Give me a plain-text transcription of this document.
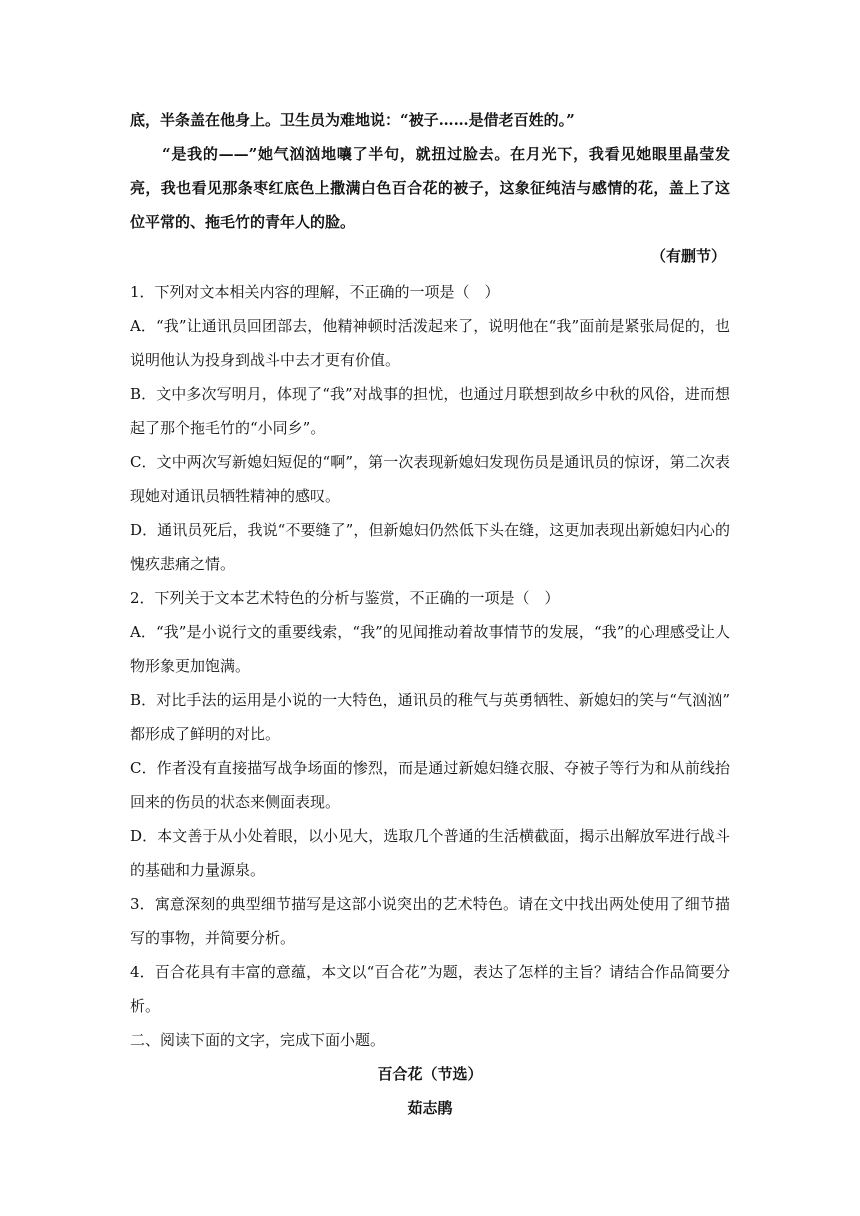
底，半条盖在他身上。卫生员为难地说：“被子……是借老百姓的。”
“是我的——”她气汹汹地嚷了半句，就扭过脸去。在月光下，我看见她眼里晶莹发
亮，我也看见那条枣红底色上撒满白色百合花的被子，这象征纯洁与感情的花，盖上了这
位平常的、拖毛竹的青年人的脸。
（有删节）
1．下列对文本相关内容的理解，不正确的一项是（　）
A．“我”让通讯员回团部去，他精神顿时活泼起来了，说明他在“我”面前是紧张局促的，也
说明他认为投身到战斗中去才更有价值。
B．文中多次写明月，体现了“我”对战事的担忧，也通过月联想到故乡中秋的风俗，进而想
起了那个拖毛竹的“小同乡”。
C．文中两次写新媳妇短促的“啊”，第一次表现新媳妇发现伤员是通讯员的惊讶，第二次表
现她对通讯员牺牲精神的感叹。
D．通讯员死后，我说“不要缝了”，但新媳妇仍然低下头在缝，这更加表现出新媳妇内心的
愧疚悲痛之情。
2．下列关于文本艺术特色的分析与鉴赏，不正确的一项是（　）
A．“我”是小说行文的重要线索，“我”的见闻推动着故事情节的发展，“我”的心理感受让人
物形象更加饱满。
B．对比手法的运用是小说的一大特色，通讯员的稚气与英勇牺牲、新媳妇的笑与“气汹汹”
都形成了鲜明的对比。
C．作者没有直接描写战争场面的惨烈，而是通过新媳妇缝衣服、夺被子等行为和从前线抬
回来的伤员的状态来侧面表现。
D．本文善于从小处着眼，以小见大，选取几个普通的生活横截面，揭示出解放军进行战斗
的基础和力量源泉。
3．寓意深刻的典型细节描写是这部小说突出的艺术特色。请在文中找出两处使用了细节描
写的事物，并简要分析。
4．百合花具有丰富的意蕴，本文以“百合花”为题，表达了怎样的主旨？请结合作品简要分
析。
二、阅读下面的文字，完成下面小题。
百合花（节选）
茹志鹃
